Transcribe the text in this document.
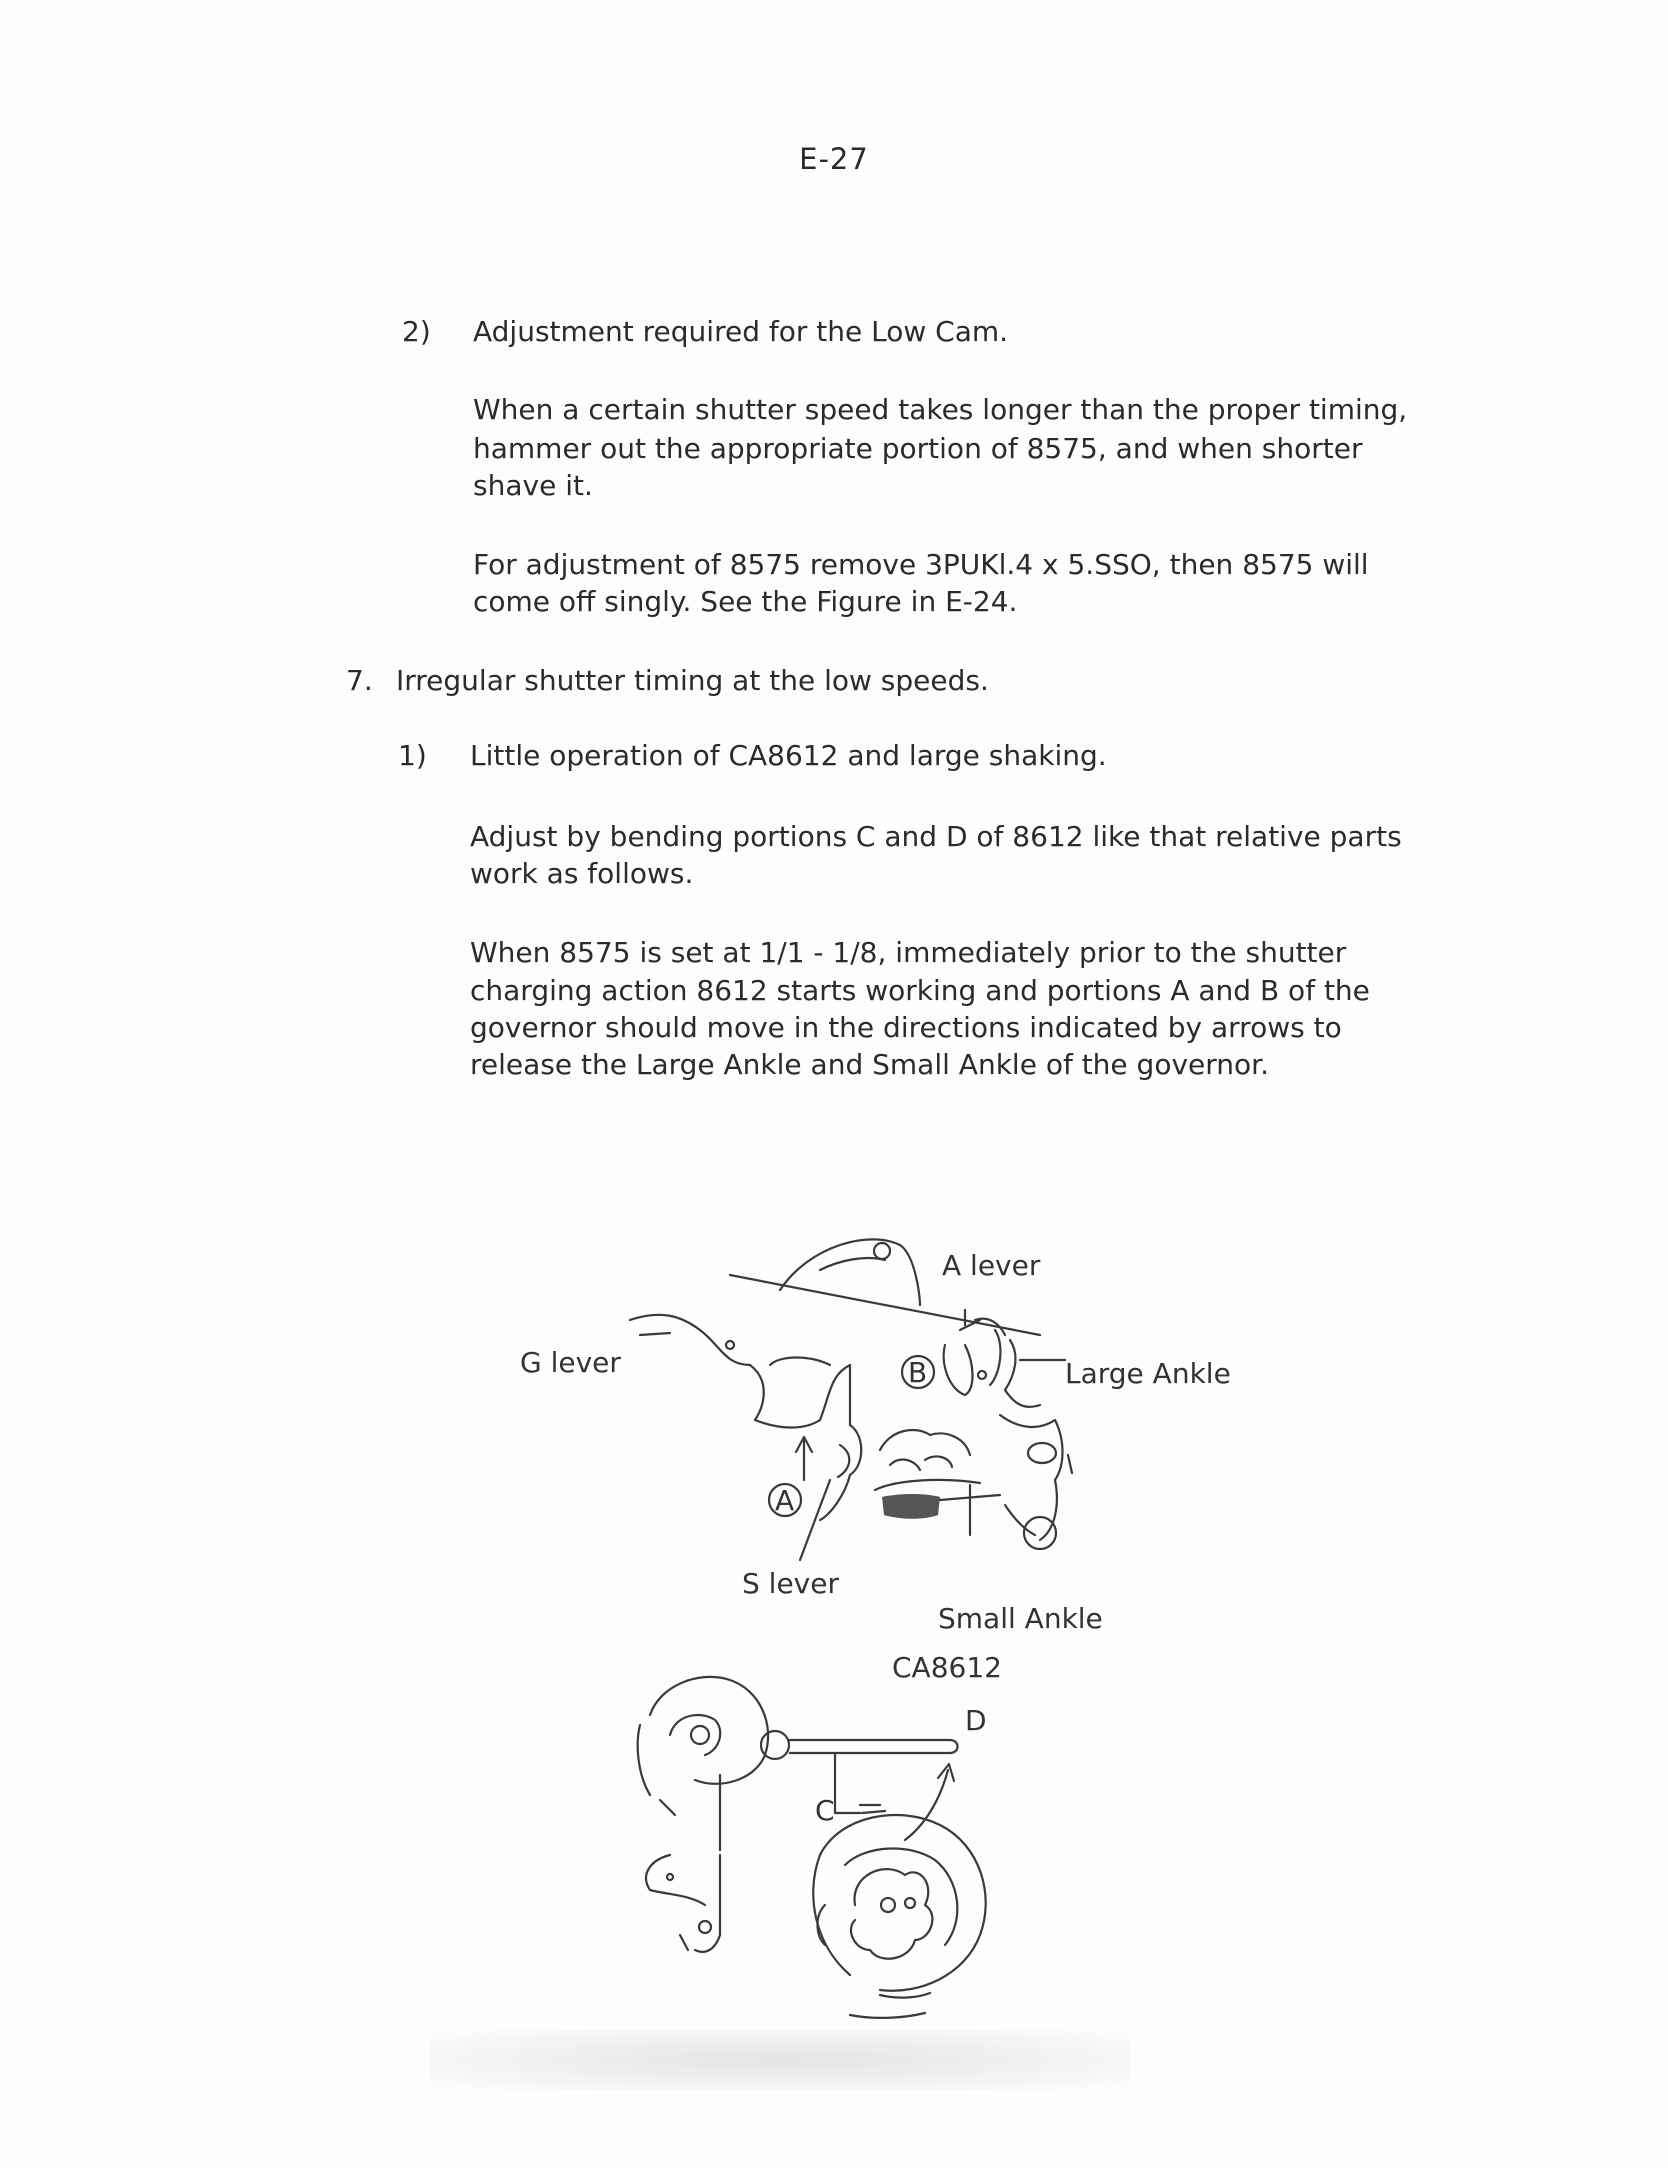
E-27
2) Adjustment required for the Low Cam.
When a certain shutter speed takes longer than the proper timing,
hammer out the appropriate portion of 8575, and when shorter
shave it.
For adjustment of 8575 remove 3PUKl.4 x 5.SSO, then 8575 will
come off singly. See the Figure in E-24.
7. Irregular shutter timing at the low speeds.
1) Little operation of CA8612 and large shaking.
Adjust by bending portions C and D of 8612 like that relative parts
work as follows.
When 8575 is set at 1/1 - 1/8, immediately prior to the shutter
charging action 8612 starts working and portions A and B of the
governor should move in the directions indicated by arrows to
release the Large Ankle and Small Ankle of the governor.
A
B
A lever
G lever	Large Ankle
S lever
Small Ankle
CA8612
D
C
